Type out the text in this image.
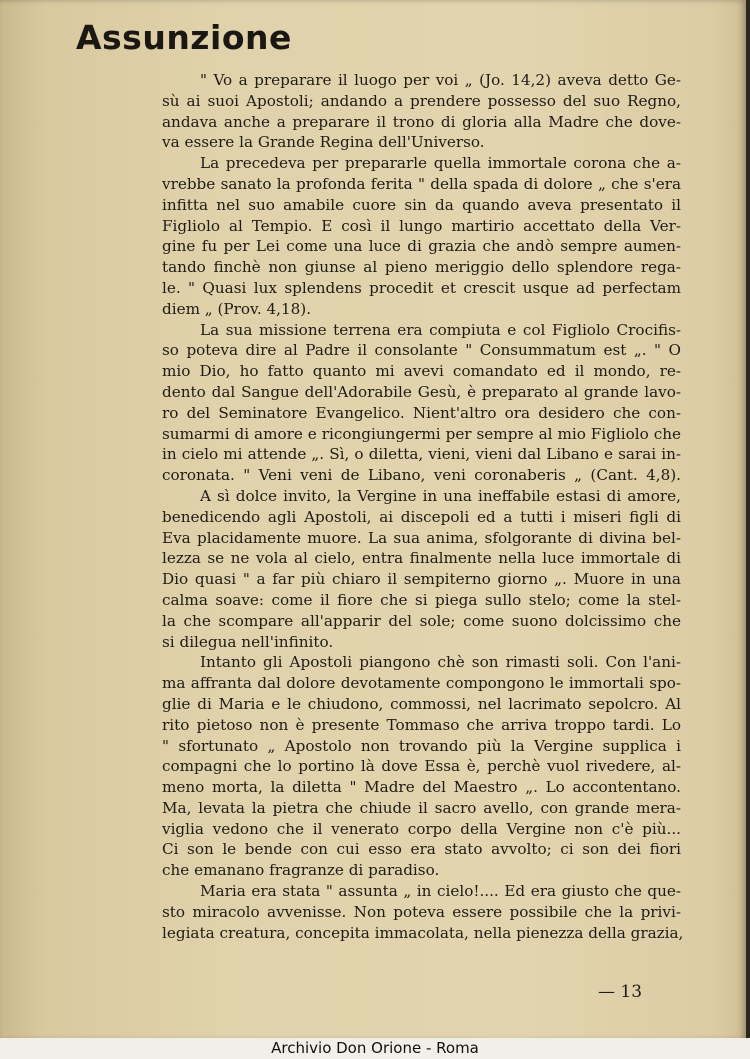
Assunzione
" Vo a preparare il luogo per voi „ (Jo. 14,2) aveva detto Ge-
sù ai suoi Apostoli; andando a prendere possesso del suo Regno,
andava anche a preparare il trono di gloria alla Madre che dove-
va essere la Grande Regina dell'Universo.
La precedeva per prepararle quella immortale corona che a-
vrebbe sanato la profonda ferita " della spada di dolore „ che s'era
infitta nel suo amabile cuore sin da quando aveva presentato il
Figliolo al Tempio. E così il lungo martirio accettato della Ver-
gine fu per Lei come una luce di grazia che andò sempre aumen-
tando finchè non giunse al pieno meriggio dello splendore rega-
le. " Quasi lux splendens procedit et crescit usque ad perfectam
diem „ (Prov. 4,18).
La sua missione terrena era compiuta e col Figliolo Crocifis-
so poteva dire al Padre il consolante " Consummatum est „. " O
mio Dio, ho fatto quanto mi avevi comandato ed il mondo, re-
dento dal Sangue dell'Adorabile Gesù, è preparato al grande lavo-
ro del Seminatore Evangelico. Nient'altro ora desidero che con-
sumarmi di amore e ricongiungermi per sempre al mio Figliolo che
in cielo mi attende „. Sì, o diletta, vieni, vieni dal Libano e sarai in-
coronata. " Veni veni de Libano, veni coronaberis „ (Cant. 4,8).
A sì dolce invito, la Vergine in una ineffabile estasi di amore,
benedicendo agli Apostoli, ai discepoli ed a tutti i miseri figli di
Eva placidamente muore. La sua anima, sfolgorante di divina bel-
lezza se ne vola al cielo, entra finalmente nella luce immortale di
Dio quasi " a far più chiaro il sempiterno giorno „. Muore in una
calma soave: come il fiore che si piega sullo stelo; come la stel-
la che scompare all'apparir del sole; come suono dolcissimo che
si dilegua nell'infinito.
Intanto gli Apostoli piangono chè son rimasti soli. Con l'ani-
ma affranta dal dolore devotamente compongono le immortali spo-
glie di Maria e le chiudono, commossi, nel lacrimato sepolcro. Al
rito pietoso non è presente Tommaso che arriva troppo tardi. Lo
" sfortunato „ Apostolo non trovando più la Vergine supplica i
compagni che lo portino là dove Essa è, perchè vuol rivedere, al-
meno morta, la diletta " Madre del Maestro „. Lo accontentano.
Ma, levata la pietra che chiude il sacro avello, con grande mera-
viglia vedono che il venerato corpo della Vergine non c'è più...
Ci son le bende con cui esso era stato avvolto; ci son dei fiori
che emanano fragranze di paradiso.
Maria era stata " assunta „ in cielo!.... Ed era giusto che que-
sto miracolo avvenisse. Non poteva essere possibile che la privi-
legiata creatura, concepita immacolata, nella pienezza della grazia,
— 13
Archivio Don Orione - Roma
